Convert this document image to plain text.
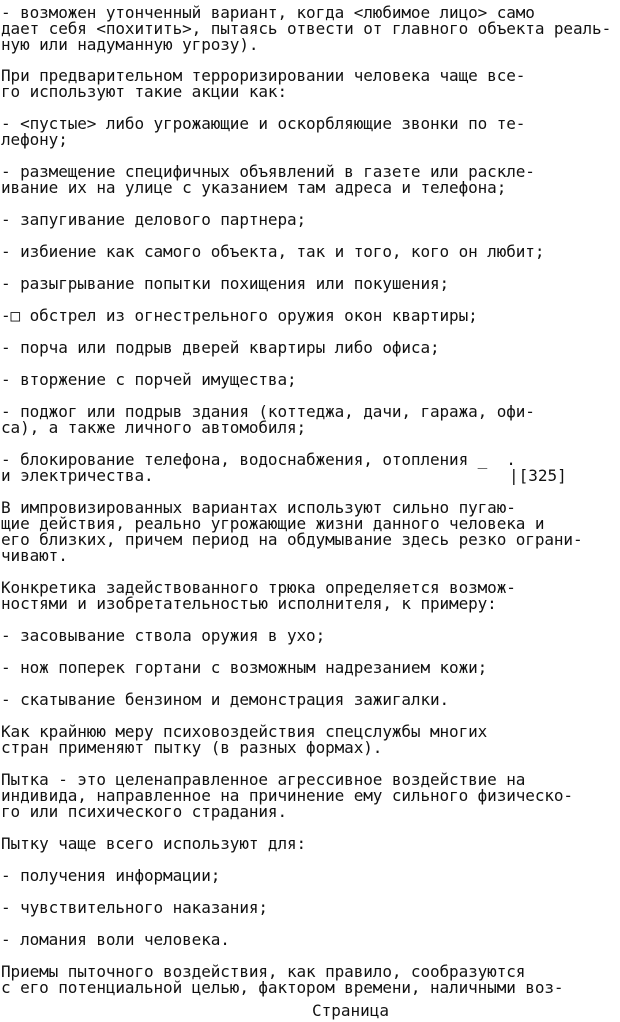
- возможен утонченный вариант, когда <любимое лицо> само
дает себя <похитить>, пытаясь отвести от главного объекта реаль-
ную или надуманную угрозу).
При предварительном терроризировании человека чаще все-
го используют такие акции как:
- <пустые> либо угрожающие и оскорбляющие звонки по те-
лефону;
- размещение специфичных объявлений в газете или раскле-
ивание их на улице с указанием там адреса и телефона;
- запугивание делового партнера;
- избиение как самого объекта, так и того, кого он любит;
- разыгрывание попытки похищения или покушения;
-□ обстрел из огнестрельного оружия окон квартиры;
- порча или подрыв дверей квартиры либо офиса;
- вторжение с порчей имущества;
- поджог или подрыв здания (коттеджа, дачи, гаража, офи-
са), а также личного автомобиля;
- блокирование телефона, водоснабжения, отопления _  .
и электричества.	|[325]
В импровизированных вариантах используют сильно пугаю-
щие действия, реально угрожающие жизни данного человека и
его близких, причем период на обдумывание здесь резко ограни-
чивают.
Конкретика задействованного трюка определяется возмож-
ностями и изобретательностью исполнителя, к примеру:
- засовывание ствола оружия в ухо;
- нож поперек гортани с возможным надрезанием кожи;
- скатывание бензином и демонстрация зажигалки.
Как крайнюю меру психовоздействия спецслужбы многих
стран применяют пытку (в разных формах).
Пытка - это целенаправленное агрессивное воздействие на
индивида, направленное на причинение ему сильного физическо-
го или психического страдания.
Пытку чаще всего используют для:
- получения информации;
- чувствительного наказания;
- ломания воли человека.
Приемы пыточного воздействия, как правило, сообразуются
с его потенциальной целью, фактором времени, наличными воз-
Страница
